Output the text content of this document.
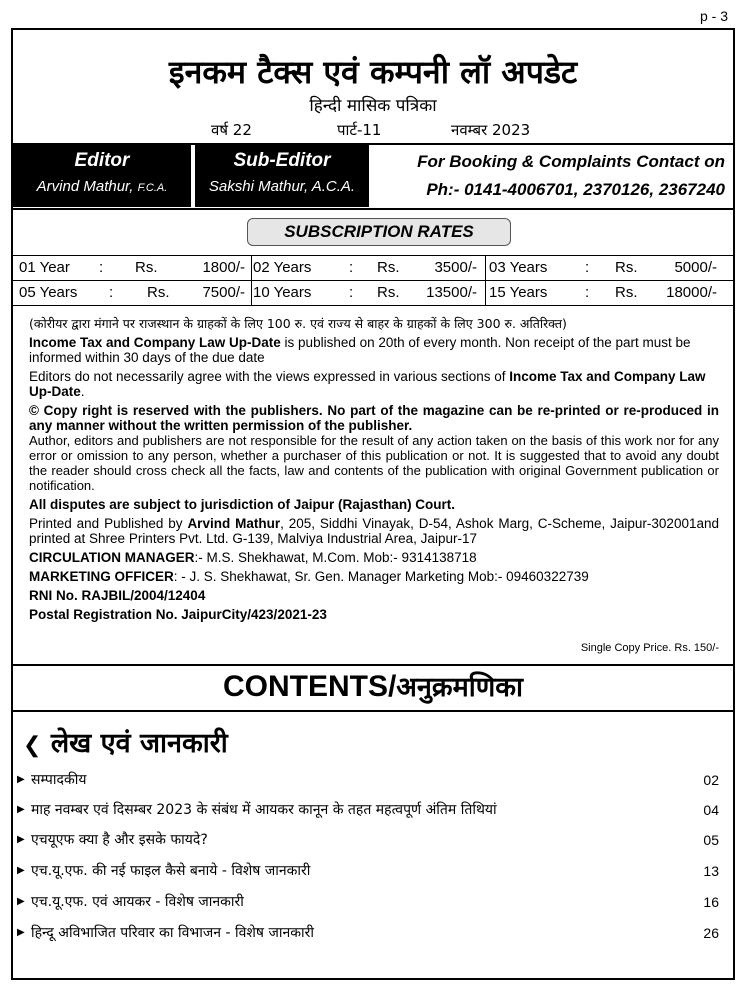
p - 3
इनकम टैक्स एवं कम्पनी लॉ अपडेट
हिन्दी मासिक पत्रिका
वर्ष 22	पार्ट-11	नवम्बर 2023
Editor
Arvind Mathur, F.C.A.
Sub-Editor
Sakshi Mathur, A.C.A.
For Booking & Complaints Contact on
Ph:- 0141-4006701, 2370126, 2367240
SUBSCRIPTION RATES
01 Year : Rs.	1800/- 02 Years	: Rs. 3500/- 03 Years	: Rs. 5000/-
05 Years : Rs. 7500/- 10 Years	: Rs. 13500/- 15 Years	: Rs. 18000/-

(कोरीयर द्वारा मंगाने पर राजस्थान के ग्राहकों के लिए 100 रु. एवं राज्य से बाहर के ग्राहकों के लिए 300 रु. अतिरिक्त)

Income Tax and Company Law Up-Date is published on 20th of every month. Non receipt of the part must be informed within 30 days of the due date

Editors do not necessarily agree with the views expressed in various sections of Income Tax and Company Law Up-Date.

© Copy right is reserved with the publishers. No part of the magazine can be re-printed or re-produced in any manner without the written permission of the publisher.

Author, editors and publishers are not responsible for the result of any action taken on the basis of this work nor for any error or omission to any person, whether a purchaser of this publication or not. It is suggested that to avoid any doubt the reader should cross check all the facts, law and contents of the publication with original Government publication or notification.

All disputes are subject to jurisdiction of Jaipur (Rajasthan) Court.

Printed and Published by Arvind Mathur, 205, Siddhi Vinayak, D-54, Ashok Marg, C-Scheme, Jaipur-302001and printed at Shree Printers Pvt. Ltd. G-139, Malviya Industrial Area, Jaipur-17

CIRCULATION MANAGER:- M.S. Shekhawat, M.Com. Mob:- 9314138718

MARKETING OFFICER: - J. S. Shekhawat, Sr. Gen. Manager Marketing Mob:- 09460322739

RNI No. RAJBIL/2004/12404

Postal Registration No. JaipurCity/423/2021-23

Single Copy Price. Rs. 150/-
CONTENTS/अनुक्रमणिका
❮ लेख एवं जानकारी
▶ सम्पादकीय	02
▶ माह नवम्बर एवं दिसम्बर 2023 के संबंध में आयकर कानून के तहत महत्वपूर्ण अंतिम तिथियां	04
▶ एचयूएफ क्या है और इसके फायदे?	05
▶ एच.यू.एफ. की नई फाइल कैसे बनाये - विशेष जानकारी	13
▶ एच.यू.एफ. एवं आयकर - विशेष जानकारी	16
▶ हिन्दू अविभाजित परिवार का विभाजन - विशेष जानकारी	26
